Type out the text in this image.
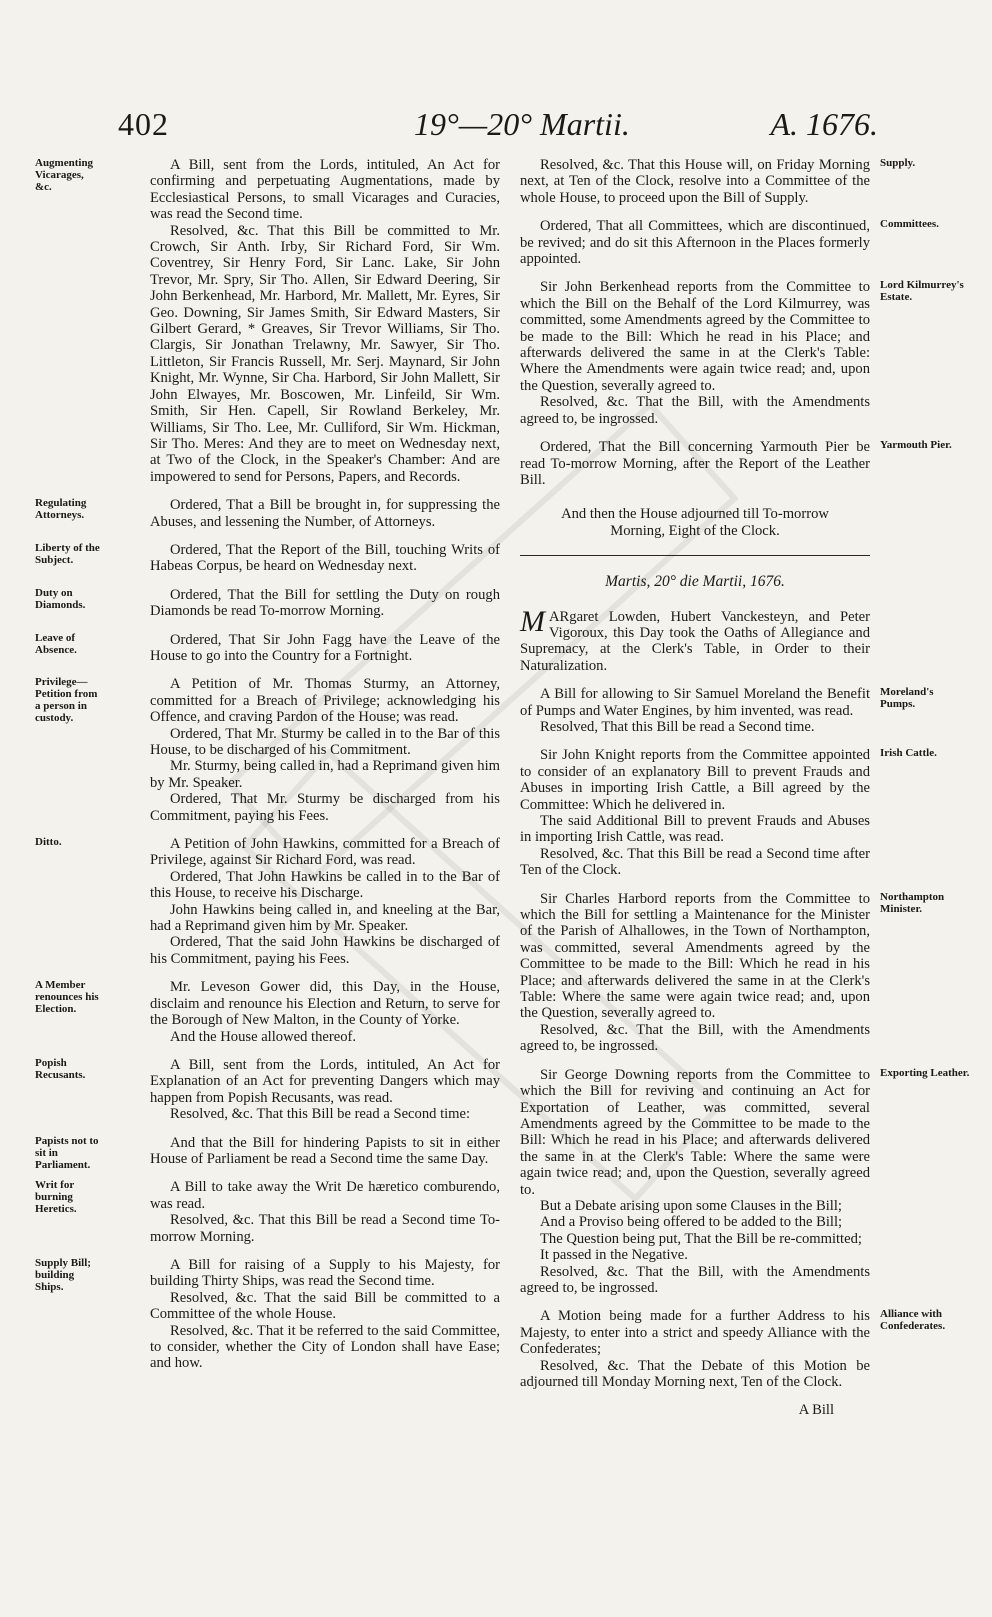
402	19°—20° Martii.	A. 1676.
Augmenting Vicarages, &c.

A Bill, sent from the Lords, intituled, An Act for confirming and perpetuating Augmentations, made by Ecclesiastical Persons, to small Vicarages and Curacies, was read the Second time.

Resolved, &c. That this Bill be committed to Mr. Crowch, Sir Anth. Irby, Sir Richard Ford, Sir Wm. Coventrey, Sir Henry Ford, Sir Lanc. Lake, Sir John Trevor, Mr. Spry, Sir Tho. Allen, Sir Edward Deering, Sir John Berkenhead, Mr. Harbord, Mr. Mallett, Mr. Eyres, Sir Geo. Downing, Sir James Smith, Sir Edward Masters, Sir Gilbert Gerard, * Greaves, Sir Trevor Williams, Sir Tho. Clargis, Sir Jonathan Trelawny, Mr. Sawyer, Sir Tho. Littleton, Sir Francis Russell, Mr. Serj. Maynard, Sir John Knight, Mr. Wynne, Sir Cha. Harbord, Sir John Mallett, Sir John Elwayes, Mr. Boscowen, Mr. Linfeild, Sir Wm. Smith, Sir Hen. Capell, Sir Rowland Berkeley, Mr. Williams, Sir Tho. Lee, Mr. Culliford, Sir Wm. Hickman, Sir Tho. Meres: And they are to meet on Wednesday next, at Two of the Clock, in the Speaker's Chamber: And are impowered to send for Persons, Papers, and Records.

Regulating Attorneys.

Ordered, That a Bill be brought in, for suppressing the Abuses, and lessening the Number, of Attorneys.

Liberty of the Subject.

Ordered, That the Report of the Bill, touching Writs of Habeas Corpus, be heard on Wednesday next.

Duty on Diamonds.

Ordered, That the Bill for settling the Duty on rough Diamonds be read To-morrow Morning.

Leave of Absence.

Ordered, That Sir John Fagg have the Leave of the House to go into the Country for a Fortnight.

Privilege— Petition from a person in custody.

A Petition of Mr. Thomas Sturmy, an Attorney, committed for a Breach of Privilege; acknowledging his Offence, and craving Pardon of the House; was read.

Ordered, That Mr. Sturmy be called in to the Bar of this House, to be discharged of his Commitment.

Mr. Sturmy, being called in, had a Reprimand given him by Mr. Speaker.

Ordered, That Mr. Sturmy be discharged from his Commitment, paying his Fees.

Ditto.	A Petition of John Hawkins, committed for a Breach of Privilege, against Sir Richard Ford, was read.

Ordered, That John Hawkins be called in to the Bar of this House, to receive his Discharge.

John Hawkins being called in, and kneeling at the Bar, had a Reprimand given him by Mr. Speaker.

Ordered, That the said John Hawkins be discharged of his Commitment, paying his Fees.

A Member renounces his Election.

Mr. Leveson Gower did, this Day, in the House, disclaim and renounce his Election and Return, to serve for the Borough of New Malton, in the County of Yorke.

And the House allowed thereof.

Popish Recusants.

A Bill, sent from the Lords, intituled, An Act for Explanation of an Act for preventing Dangers which may happen from Popish Recusants, was read.

Resolved, &c. That this Bill be read a Second time:

Papists not to sit in Parliament.

And that the Bill for hindering Papists to sit in either House of Parliament be read a Second time the same Day.

Writ for burning Heretics.

A Bill to take away the Writ De hæretico comburendo, was read.

Resolved, &c. That this Bill be read a Second time To-morrow Morning.

Supply Bill; building Ships.

A Bill for raising of a Supply to his Majesty, for building Thirty Ships, was read the Second time.

Resolved, &c. That the said Bill be committed to a Committee of the whole House.

Resolved, &c. That it be referred to the said Committee, to consider, whether the City of London shall have Ease; and how.

Supply.

Resolved, &c. That this House will, on Friday Morning next, at Ten of the Clock, resolve into a Committee of the whole House, to proceed upon the Bill of Supply.

Committees.

Ordered, That all Committees, which are discontinued, be revived; and do sit this Afternoon in the Places formerly appointed.

Lord Kilmurrey's Estate.

Sir John Berkenhead reports from the Committee to which the Bill on the Behalf of the Lord Kilmurrey, was committed, some Amendments agreed by the Committee to be made to the Bill: Which he read in his Place; and afterwards delivered the same in at the Clerk's Table: Where the Amendments were again twice read; and, upon the Question, severally agreed to.

Resolved, &c. That the Bill, with the Amendments agreed to, be ingrossed.

Yarmouth Pier.

Ordered, That the Bill concerning Yarmouth Pier be read To-morrow Morning, after the Report of the Leather Bill.

And then the House adjourned till To-morrow Morning, Eight of the Clock.
Martis, 20° die Martii, 1676.

M ARgaret Lowden, Hubert Vanckesteyn, and Peter Vigoroux, this Day took the Oaths of Allegiance and Supremacy, at the Clerk's Table, in Order to their Naturalization.

Moreland's Pumps.

A Bill for allowing to Sir Samuel Moreland the Benefit of Pumps and Water Engines, by him invented, was read.

Resolved, That this Bill be read a Second time.

Irish Cattle.

Sir John Knight reports from the Committee appointed to consider of an explanatory Bill to prevent Frauds and Abuses in importing Irish Cattle, a Bill agreed by the Committee: Which he delivered in.

The said Additional Bill to prevent Frauds and Abuses in importing Irish Cattle, was read.

Resolved, &c. That this Bill be read a Second time after Ten of the Clock.

Northampton Minister.

Sir Charles Harbord reports from the Committee to which the Bill for settling a Maintenance for the Minister of the Parish of Alhallowes, in the Town of Northampton, was committed, several Amendments agreed by the Committee to be made to the Bill: Which he read in his Place; and afterwards delivered the same in at the Clerk's Table: Where the same were again twice read; and, upon the Question, severally agreed to.

Resolved, &c. That the Bill, with the Amendments agreed to, be ingrossed.

Exporting Leather.

Sir George Downing reports from the Committee to which the Bill for reviving and continuing an Act for Exportation of Leather, was committed, several Amendments agreed by the Committee to be made to the Bill: Which he read in his Place; and afterwards delivered the same in at the Clerk's Table: Where the same were again twice read; and, upon the Question, severally agreed to.

But a Debate arising upon some Clauses in the Bill;

And a Proviso being offered to be added to the Bill;

The Question being put, That the Bill be re-committed;

It passed in the Negative.

Resolved, &c. That the Bill, with the Amendments agreed to, be ingrossed.

Alliance with Confederates.

A Motion being made for a further Address to his Majesty, to enter into a strict and speedy Alliance with the Confederates;

Resolved, &c. That the Debate of this Motion be adjourned till Monday Morning next, Ten of the Clock.

A Bill
